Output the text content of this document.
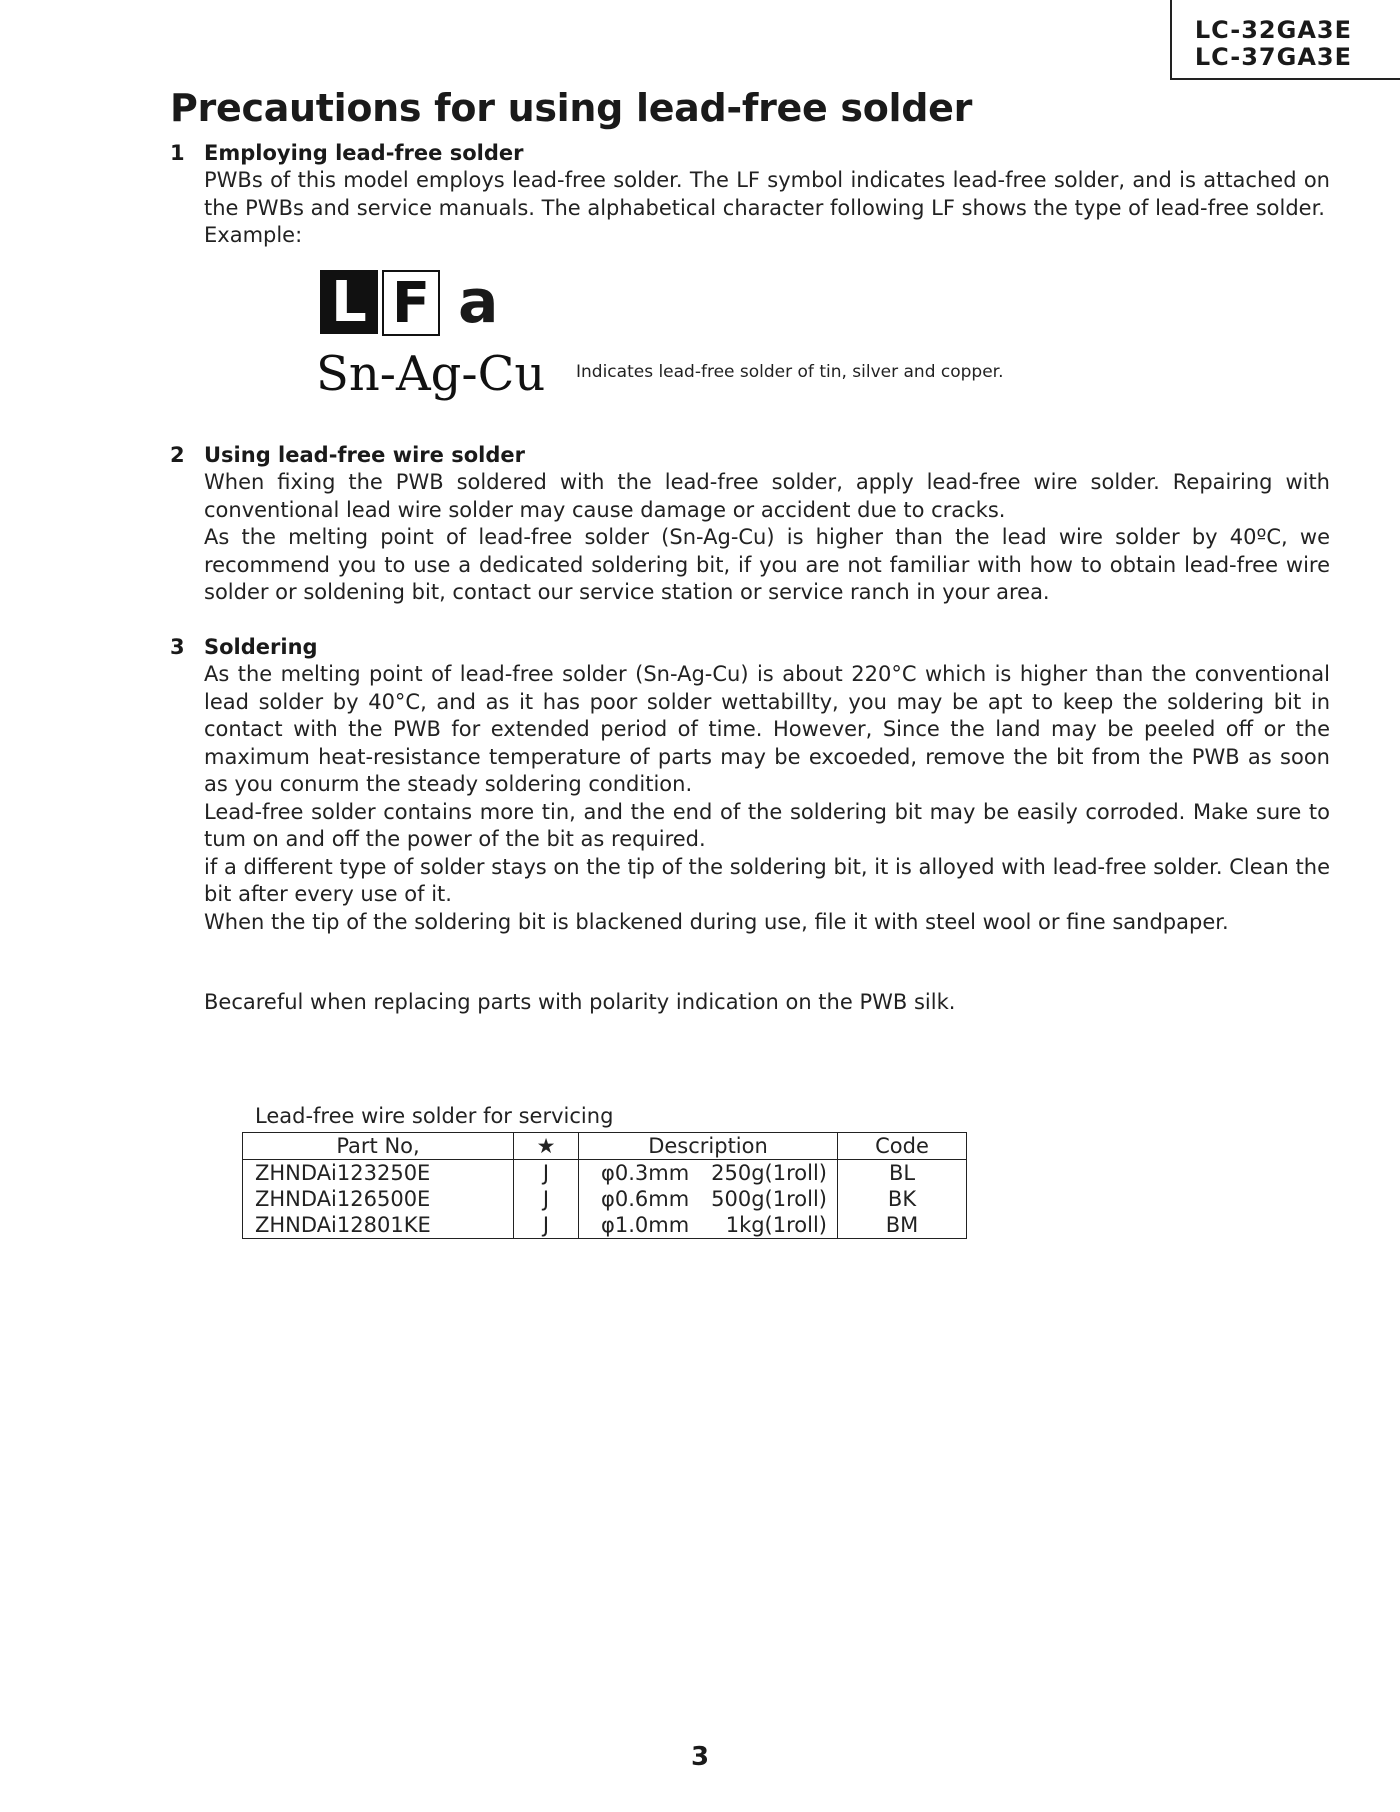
LC-32GA3E
LC-37GA3E
Precautions for using lead-free solder
1 Employing lead-free solder
PWBs of this model employs lead-free solder. The LF symbol indicates lead-free solder, and is attached on the PWBs and service manuals. The alphabetical character following LF shows the type of lead-free solder.
Example:
L F a
Sn-Ag-Cu Indicates lead-free solder of tin, silver and copper.
2 Using lead-free wire solder
When fixing the PWB soldered with the lead-free solder, apply lead-free wire solder. Repairing with conventional lead wire solder may cause damage or accident due to cracks.
As the melting point of lead-free solder (Sn-Ag-Cu) is higher than the lead wire solder by 40ºC, we recommend you to use a dedicated soldering bit, if you are not familiar with how to obtain lead-free wire solder or soldening bit, contact our service station or service ranch in your area.
3 Soldering
As the melting point of lead-free solder (Sn-Ag-Cu) is about 220°C which is higher than the conventional lead solder by 40°C, and as it has poor solder wettabillty, you may be apt to keep the soldering bit in contact with the PWB for extended period of time. However, Since the land may be peeled off or the maximum heat-resistance temperature of parts may be excoeded, remove the bit from the PWB as soon as you conurm the steady soldering condition.
Lead-free solder contains more tin, and the end of the soldering bit may be easily corroded. Make sure to tum on and off the power of the bit as required.
if a different type of solder stays on the tip of the soldering bit, it is alloyed with lead-free solder. Clean the bit after every use of it.
When the tip of the soldering bit is blackened during use, file it with steel wool or fine sandpaper.
Becareful when replacing parts with polarity indication on the PWB silk.
Lead-free wire solder for servicing
Part No,	★	Description	Code
ZHNDAi123250E	J	φ0.3mm 250g(1roll)	BL
ZHNDAi126500E	J	φ0.6mm 500g(1roll)	BK
ZHNDAi12801KE	J	φ1.0mm 1kg(1roll)	BM
3
